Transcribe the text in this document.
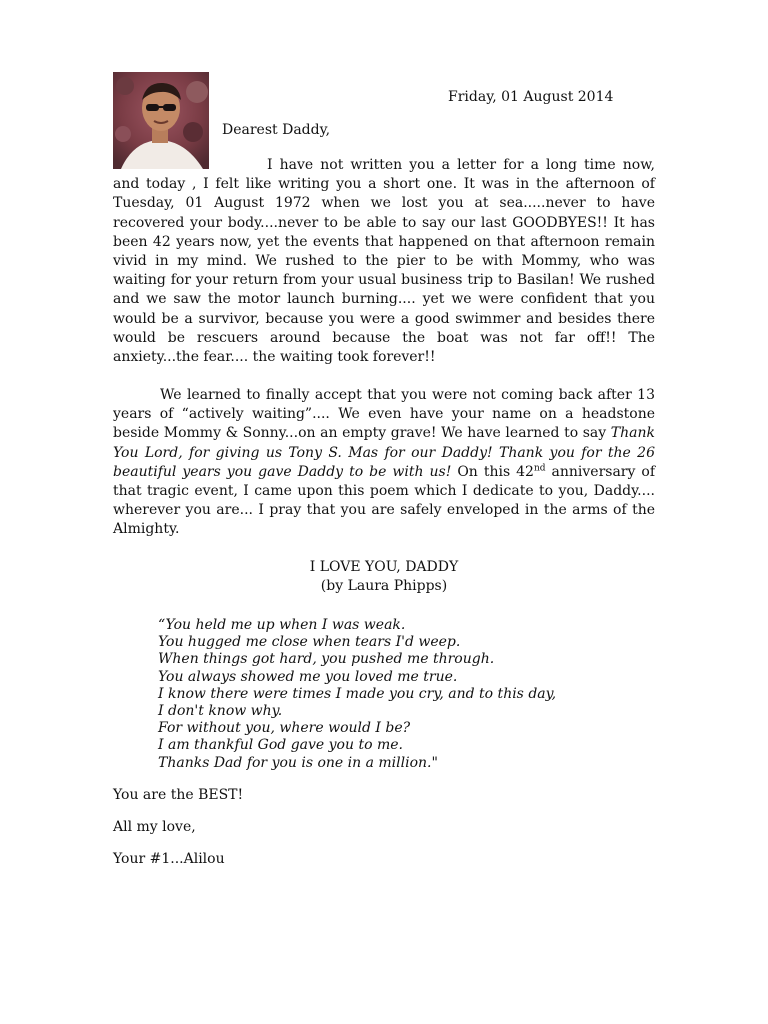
Friday, 01 August 2014
Dearest Daddy,

I have not written you a letter for a long time now, and today , I felt like writing you a short one. It was in the afternoon of Tuesday, 01 August 1972 when we lost you at sea.....never to have recovered your body....never to be able to say our last GOODBYES!! It has been 42 years now, yet the events that happened on that afternoon remain vivid in my mind. We rushed to the pier to be with Mommy, who was waiting for your return from your usual business trip to Basilan! We rushed and we saw the motor launch burning.... yet we were confident that you would be a survivor, because you were a good swimmer and besides there would be rescuers around because the boat was not far off!! The anxiety...the fear.... the waiting took forever!!

We learned to finally accept that you were not coming back after 13 years of “actively waiting”.... We even have your name on a headstone beside Mommy & Sonny...on an empty grave! We have learned to say Thank You Lord, for giving us Tony S. Mas for our Daddy! Thank you for the 26 beautiful years you gave Daddy to be with us! On this 42nd anniversary of that tragic event, I came upon this poem which I dedicate to you, Daddy.... wherever you are... I pray that you are safely enveloped in the arms of the Almighty.

I LOVE YOU, DADDY
(by Laura Phipps)
“You held me up when I was weak.
You hugged me close when tears I'd weep.
When things got hard, you pushed me through.
You always showed me you loved me true.
I know there were times I made you cry, and to this day,
I don't know why.
For without you, where would I be?
I am thankful God gave you to me.
Thanks Dad for you is one in a million."
You are the BEST!
All my love,
Your #1...Alilou
